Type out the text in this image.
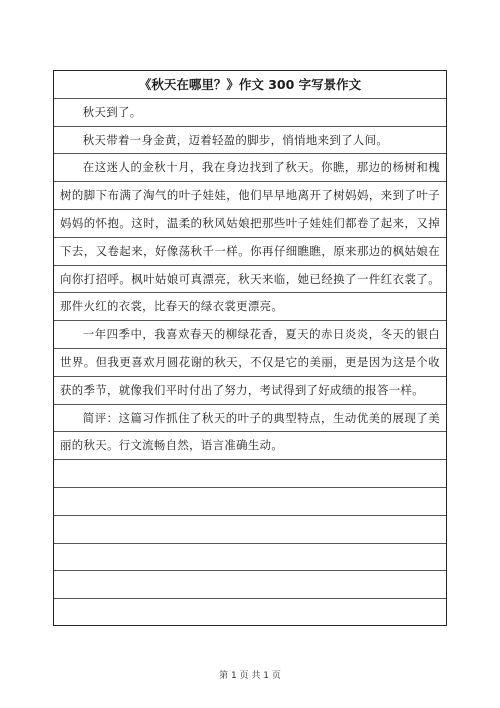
《秋天在哪里？》作文 300 字写景作文

秋天到了。

秋天带着一身金黄，迈着轻盈的脚步，悄悄地来到了人间。

在这迷人的金秋十月，我在身边找到了秋天。你瞧，那边的杨树和槐树的脚下布满了淘气的叶子娃娃，他们早早地离开了树妈妈，来到了叶子妈妈的怀抱。这时，温柔的秋风姑娘把那些叶子娃娃们都卷了起来，又掉下去，又卷起来，好像荡秋千一样。你再仔细瞧瞧，原来那边的枫姑娘在向你打招呼。枫叶姑娘可真漂亮，秋天来临，她已经换了一件红衣裳了。那件火红的衣裳，比春天的绿衣裳更漂亮。

一年四季中，我喜欢春天的柳绿花香，夏天的赤日炎炎，冬天的银白世界。但我更喜欢月圆花谢的秋天，不仅是它的美丽，更是因为这是个收获的季节，就像我们平时付出了努力，考试得到了好成绩的报答一样。

简评：这篇习作抓住了秋天的叶子的典型特点，生动优美的展现了美丽的秋天。行文流畅自然，语言准确生动。

第 1 页 共 1 页
